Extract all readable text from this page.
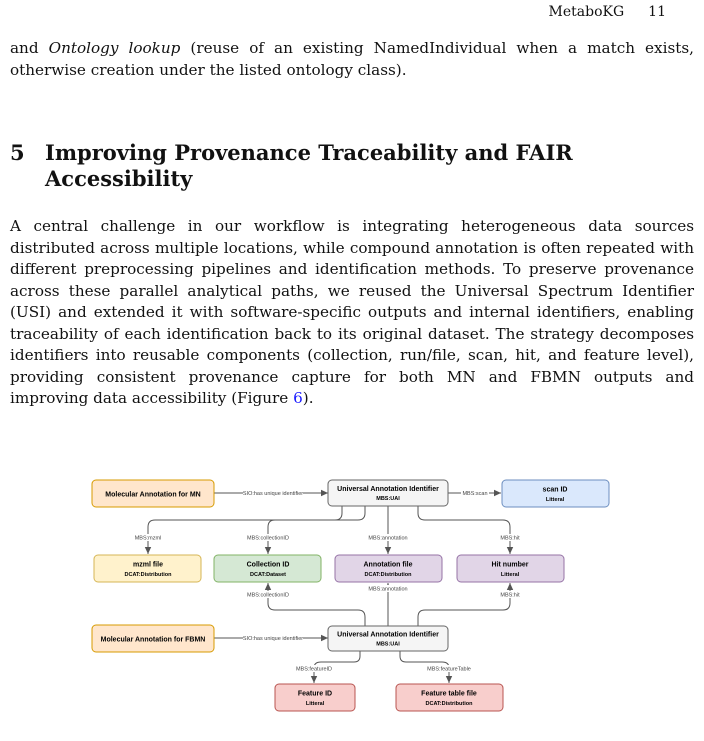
MetaboKG 11
and Ontology lookup (reuse of an existing NamedIndividual when a match exists, otherwise creation under the listed ontology class).
5 Improving Provenance Traceability and FAIR Accessibility
A central challenge in our workflow is integrating heterogeneous data sources distributed across multiple locations, while compound annotation is often repeated with different preprocessing pipelines and identification methods. To preserve provenance across these parallel analytical paths, we reused the Universal Spectrum Identifier (USI) and extended it with software-specific outputs and internal identifiers, enabling traceability of each identification back to its original dataset. The strategy decomposes identifiers into reusable components (collection, run/file, scan, hit, and feature level), providing consistent provenance capture for both MN and FBMN outputs and improving data accessibility (Figure 6).
SIO:has unique identifier	MBS:scan
MBS:mzml	MBS:collectionID	MBS:annotation	MBS:hit
MBS:collectionID
MBS:annotation
MBS:hit
SIO:has unique identifier
MBS:featureID	MBS:featureTable
Molecular Annotation for MN
Universal Annotation Identifier
MBS:UAI
scan ID
Litteral
mzml file
DCAT:Distribution
Collection ID
DCAT:Dataset
Annotation file
DCAT:Distribution
Hit number
Litteral
Molecular Annotation for FBMN
Universal Annotation Identifier
MBS:UAI
Feature ID
Litteral
Feature table file
DCAT:Distribution
